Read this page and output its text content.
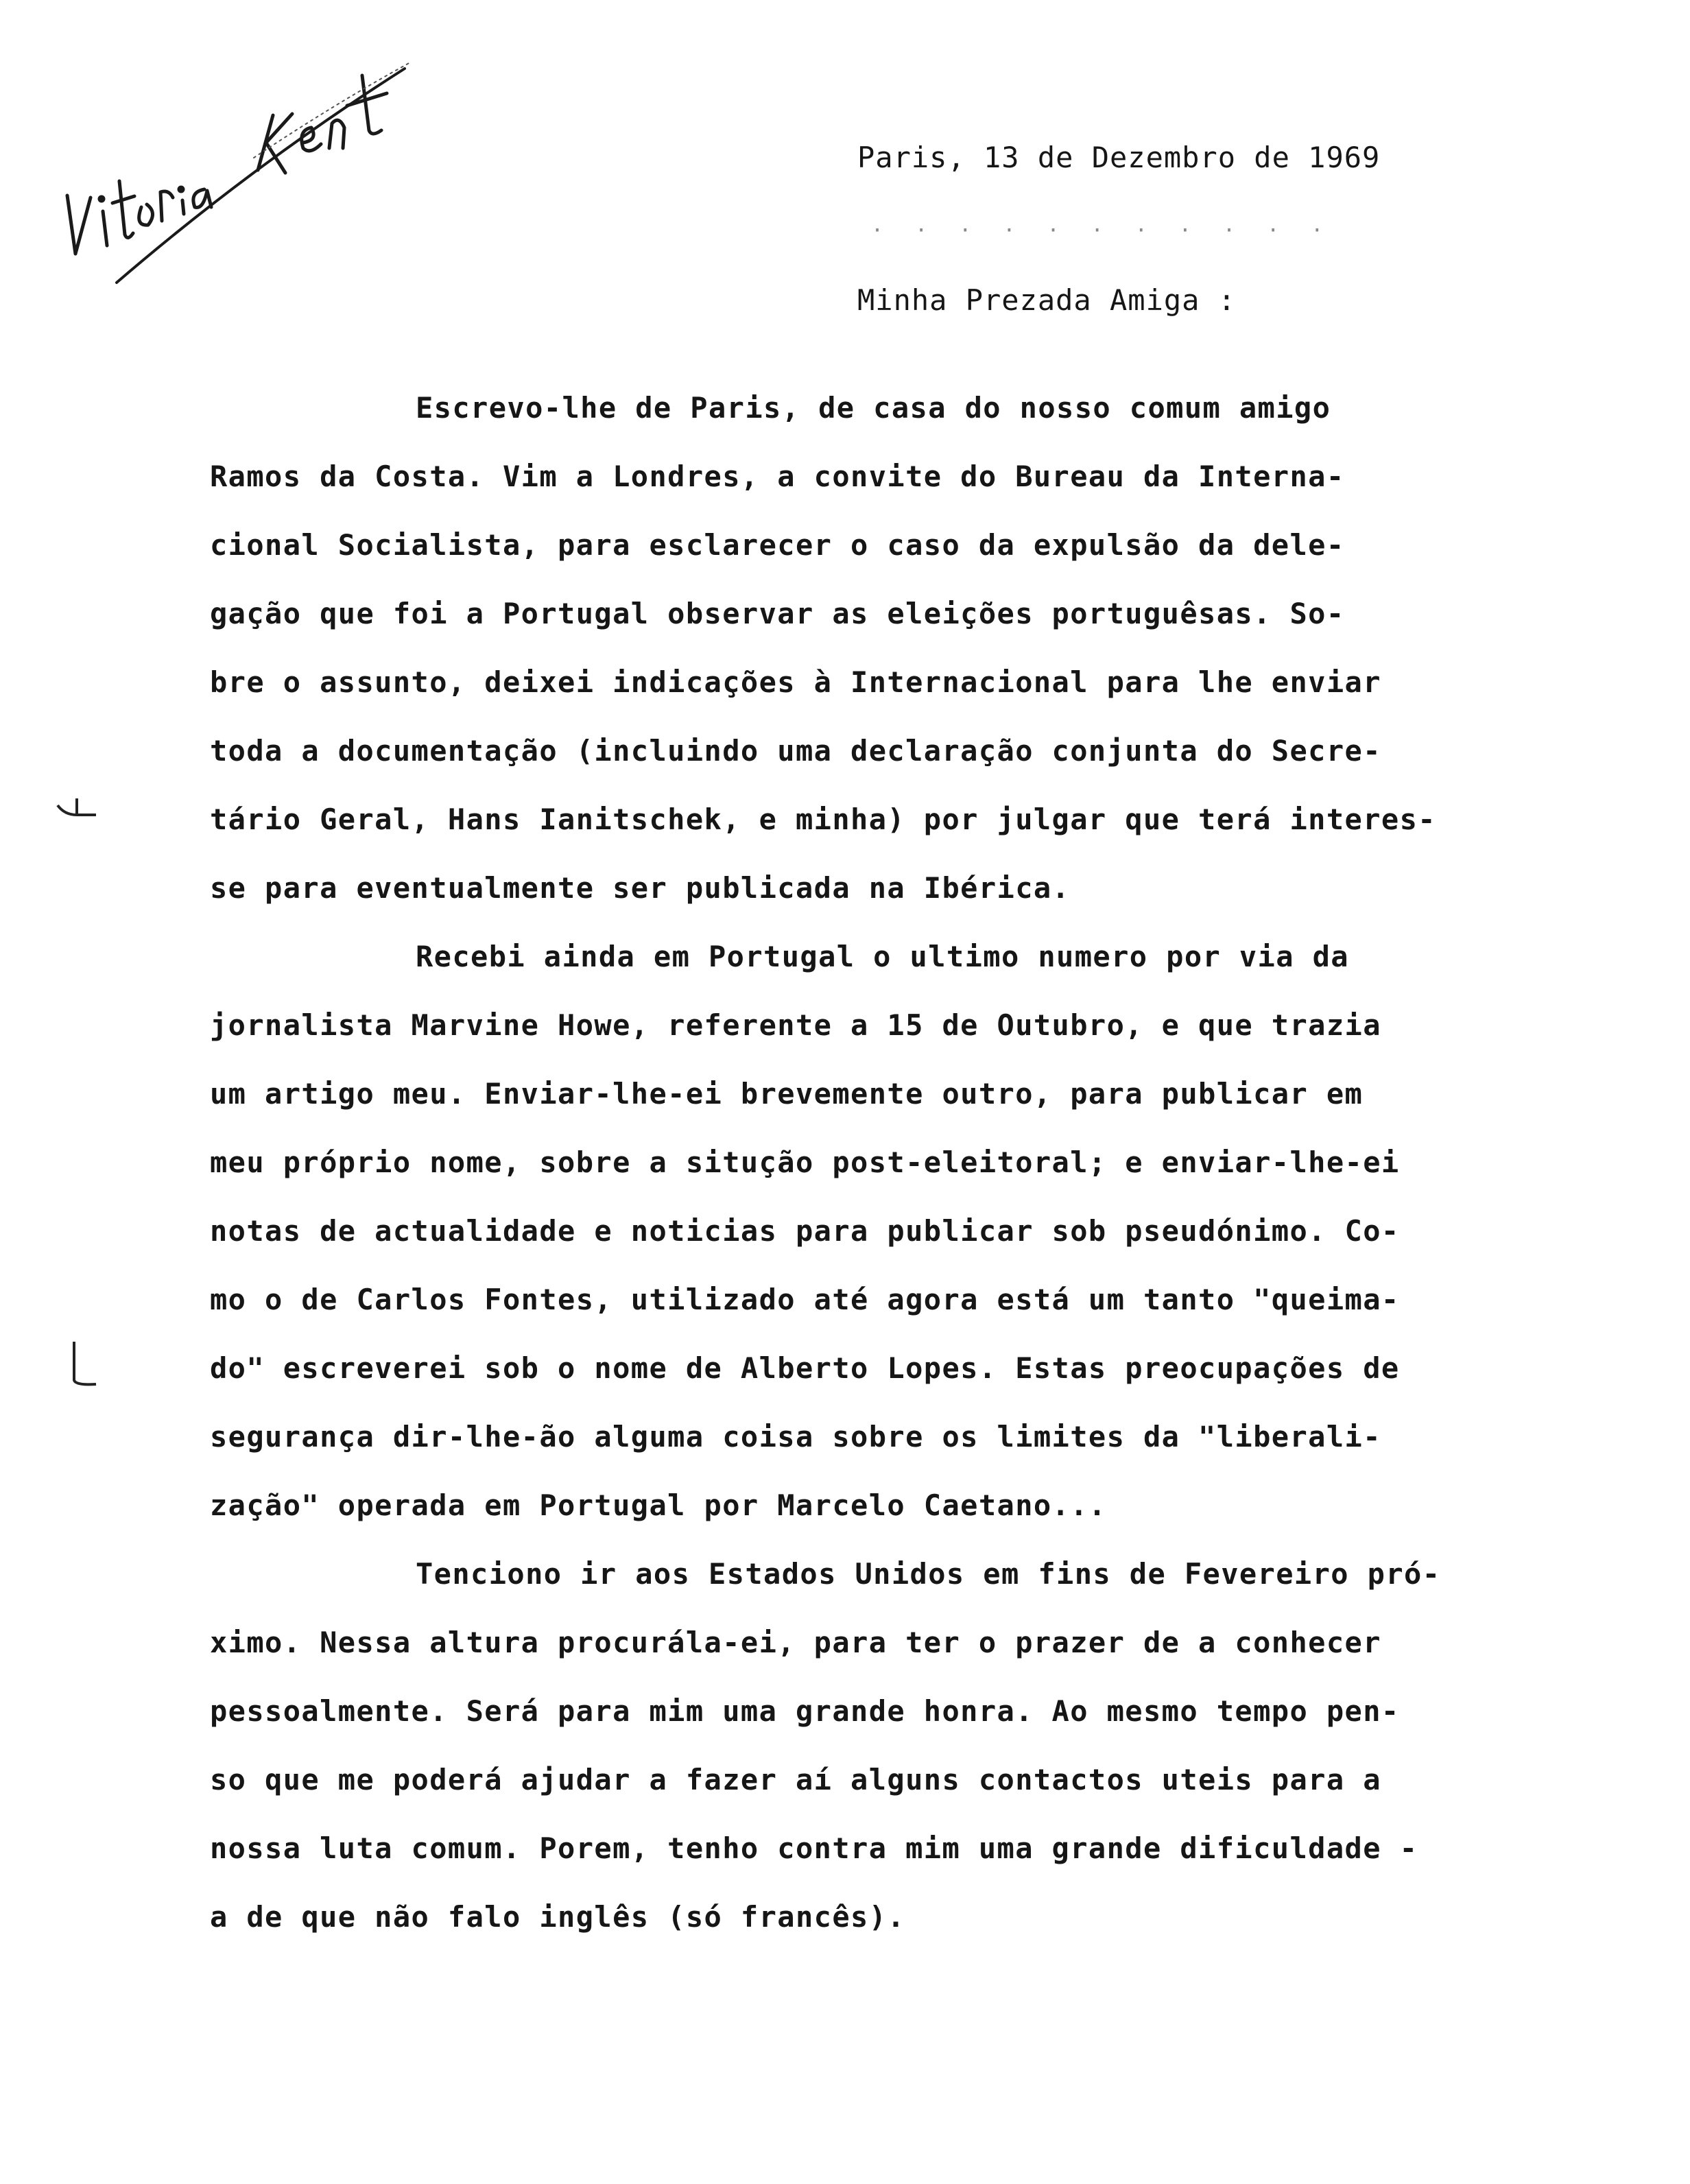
Paris, 13 de Dezembro de 1969
· · · · · · · · · · ·
Minha Prezada Amiga :
Escrevo-lhe de Paris, de casa do nosso comum amigo
Ramos da Costa. Vim a Londres, a convite do Bureau da Interna-
cional Socialista, para esclarecer o caso da expulsão da dele-
gação que foi a Portugal observar as eleições portuguêsas. So-
bre o assunto, deixei indicações à Internacional para lhe enviar
toda a documentação (incluindo uma declaração conjunta do Secre-
tário Geral, Hans Ianitschek, e minha) por julgar que terá interes-
se para eventualmente ser publicada na Ibérica.
Recebi ainda em Portugal o ultimo numero por via da
jornalista Marvine Howe, referente a 15 de Outubro, e que trazia
um artigo meu. Enviar-lhe-ei brevemente outro, para publicar em
meu próprio nome, sobre a situção post-eleitoral; e enviar-lhe-ei
notas de actualidade e noticias para publicar sob pseudónimo. Co-
mo o de Carlos Fontes, utilizado até agora está um tanto "queima-
do" escreverei sob o nome de Alberto Lopes. Estas preocupações de
segurança dir-lhe-ão alguma coisa sobre os limites da "liberali-
zação" operada em Portugal por Marcelo Caetano...
Tenciono ir aos Estados Unidos em fins de Fevereiro pró-
ximo. Nessa altura procurála-ei, para ter o prazer de a conhecer
pessoalmente. Será para mim uma grande honra. Ao mesmo tempo pen-
so que me poderá ajudar a fazer aí alguns contactos uteis para a
nossa luta comum. Porem, tenho contra mim uma grande dificuldade -
a de que não falo inglês (só francês).
